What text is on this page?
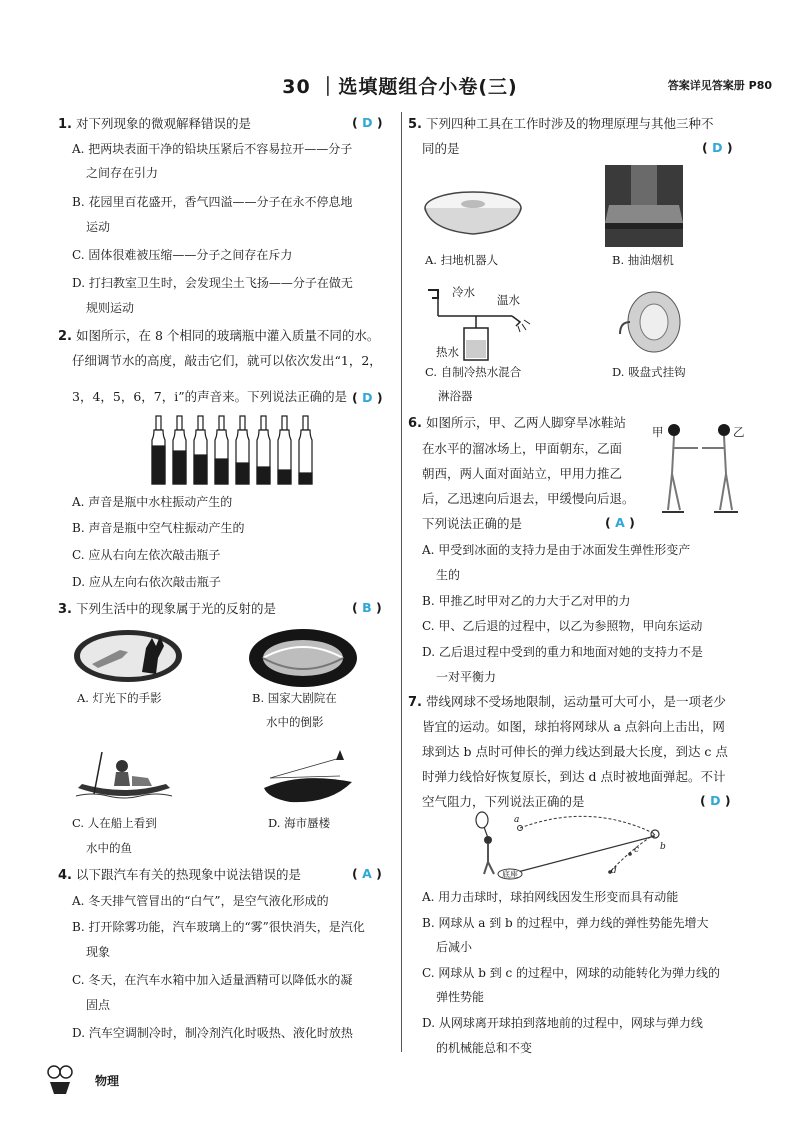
30 ｜选填题组合小卷(三)	答案详见答案册 P80
1. 对下列现象的微观解释错误的是	( D )
A. 把两块表面干净的铅块压紧后不容易拉开——分子
之间存在引力
B. 花园里百花盛开，香气四溢——分子在永不停息地
运动
C. 固体很难被压缩——分子之间存在斥力
D. 打扫教室卫生时，会发现尘土飞扬——分子在做无
规则运动
2. 如图所示，在 8 个相同的玻璃瓶中灌入质量不同的水。
仔细调节水的高度，敲击它们，就可以依次发出“1，2，
3，4，5，6，7，i”的声音来。下列说法正确的是 ( D )
A. 声音是瓶中水柱振动产生的
B. 声音是瓶中空气柱振动产生的
C. 应从右向左依次敲击瓶子
D. 应从左向右依次敲击瓶子
3. 下列生活中的现象属于光的反射的是	( B )
A. 灯光下的手影	B. 国家大剧院在
水中的倒影
C. 人在船上看到
水中的鱼
D. 海市蜃楼
4. 以下跟汽车有关的热现象中说法错误的是	( A )
A. 冬天排气管冒出的“白气”，是空气液化形成的
B. 打开除雾功能，汽车玻璃上的“雾”很快消失，是汽化
现象
C. 冬天，在汽车水箱中加入适量酒精可以降低水的凝
固点
D. 汽车空调制冷时，制冷剂汽化时吸热、液化时放热
5. 下列四种工具在工作时涉及的物理原理与其他三种不
同的是	( D )
A. 扫地机器人	B. 抽油烟机
冷水
温水
热水
C. 自制冷热水混合
淋浴器
D. 吸盘式挂钩
6. 如图所示，甲、乙两人脚穿旱冰鞋站
在水平的溜冰场上，甲面朝东，乙面
朝西，两人面对面站立，甲用力推乙
后，乙迅速向后退去，甲缓慢向后退。
下列说法正确的是	( A )
甲	乙
A. 甲受到冰面的支持力是由于冰面发生弹性形变产
生的
B. 甲推乙时甲对乙的力大于乙对甲的力
C. 甲、乙后退的过程中，以乙为参照物，甲向东运动
D. 乙后退过程中受到的重力和地面对她的支持力不是
一对平衡力
7. 带线网球不受场地限制，运动量可大可小，是一项老少
皆宜的运动。如图，球拍将网球从 a 点斜向上击出，网
球到达 b 点时可伸长的弹力线达到最大长度，到达 c 点
时弹力线恰好恢复原长，到达 d 点时被地面弹起。不计
空气阻力，下列说法正确的是	( D )
a
b
c
d
底座
A. 用力击球时，球拍网线因发生形变而具有动能
B. 网球从 a 到 b 的过程中，弹力线的弹性势能先增大
后减小
C. 网球从 b 到 c 的过程中，网球的动能转化为弹力线的
弹性势能
D. 从网球离开球拍到落地前的过程中，网球与弹力线
的机械能总和不变
物理
